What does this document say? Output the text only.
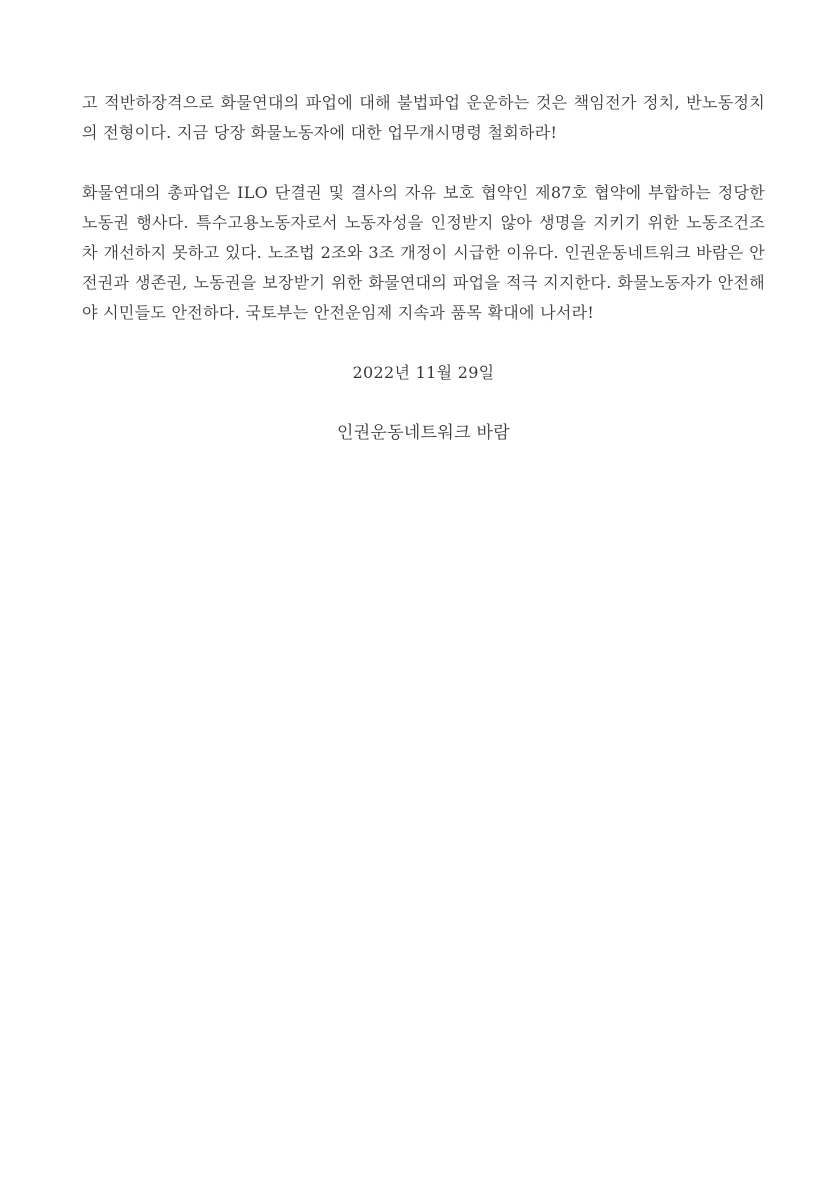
고 적반하장격으로 화물연대의 파업에 대해 불법파업 운운하는 것은 책임전가 정치, 반노동정치의 전형이다. 지금 당장 화물노동자에 대한 업무개시명령 철회하라!

화물연대의 총파업은 ILO 단결권 및 결사의 자유 보호 협약인 제87호 협약에 부합하는 정당한 노동권 행사다. 특수고용노동자로서 노동자성을 인정받지 않아 생명을 지키기 위한 노동조건조차 개선하지 못하고 있다. 노조법 2조와 3조 개정이 시급한 이유다. 인권운동네트워크 바람은 안전권과 생존권, 노동권을 보장받기 위한 화물연대의 파업을 적극 지지한다. 화물노동자가 안전해야 시민들도 안전하다. 국토부는 안전운임제 지속과 품목 확대에 나서라!

2022년 11월 29일

인권운동네트워크 바람
